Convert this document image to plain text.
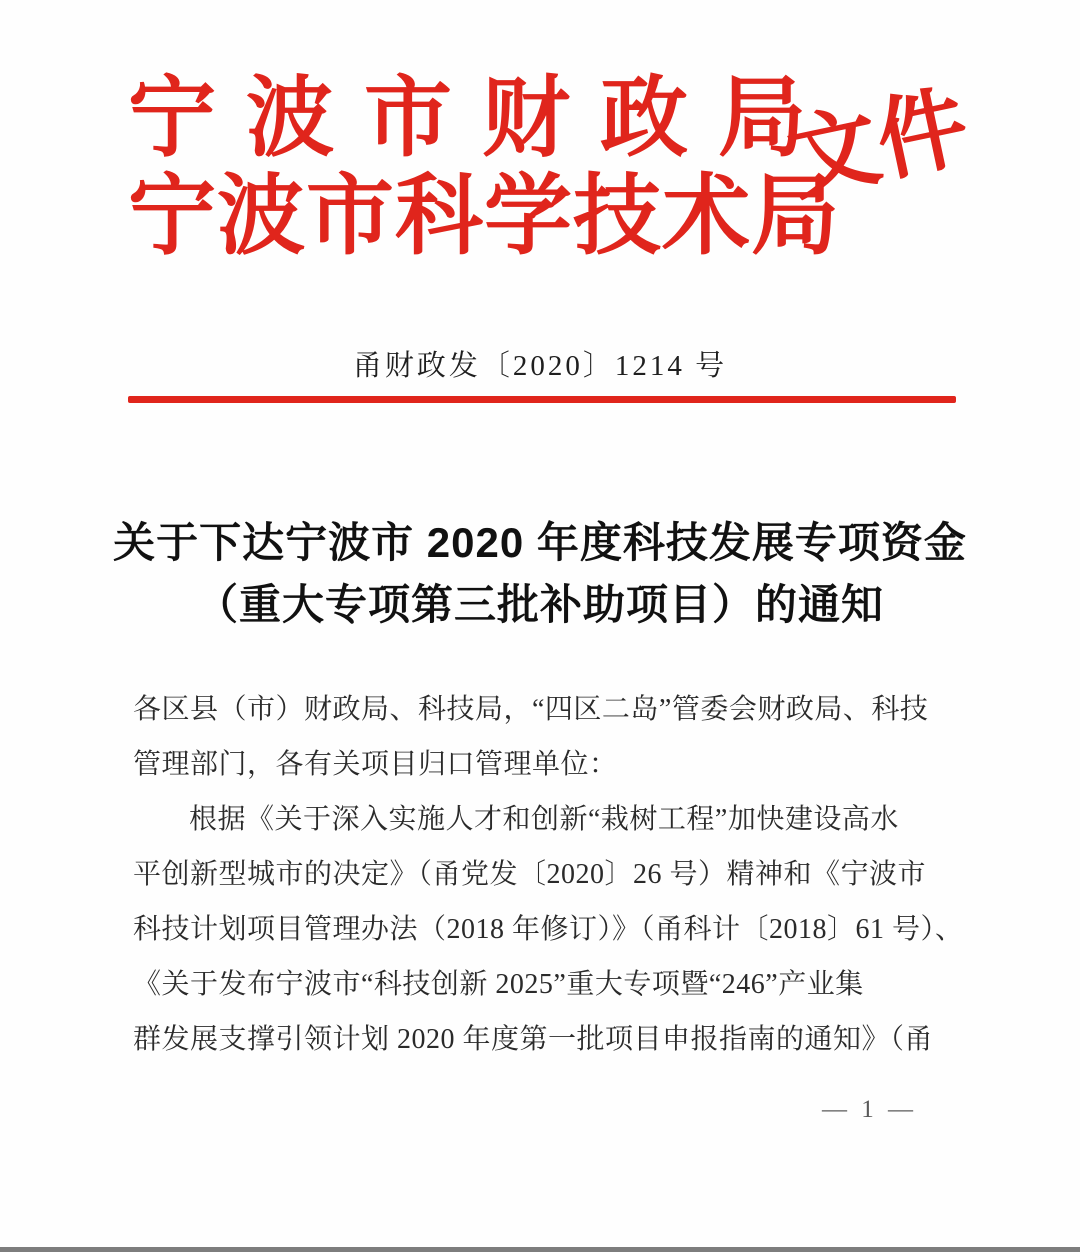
宁波市财政局
宁波市科学技术局
文件
甬财政发〔2020〕1214 号
关于下达宁波市 2020 年度科技发展专项资金
（重大专项第三批补助项目）的通知
各区县（市）财政局、科技局，“四区二岛”管委会财政局、科技
管理部门，各有关项目归口管理单位：
根据《关于深入实施人才和创新“栽树工程”加快建设高水
平创新型城市的决定》（甬党发〔2020〕26 号）精神和《宁波市
科技计划项目管理办法（2018 年修订）》（甬科计〔2018〕61 号）、
《关于发布宁波市“科技创新 2025”重大专项暨“246”产业集
群发展支撑引领计划 2020 年度第一批项目申报指南的通知》（甬
— 1 —
